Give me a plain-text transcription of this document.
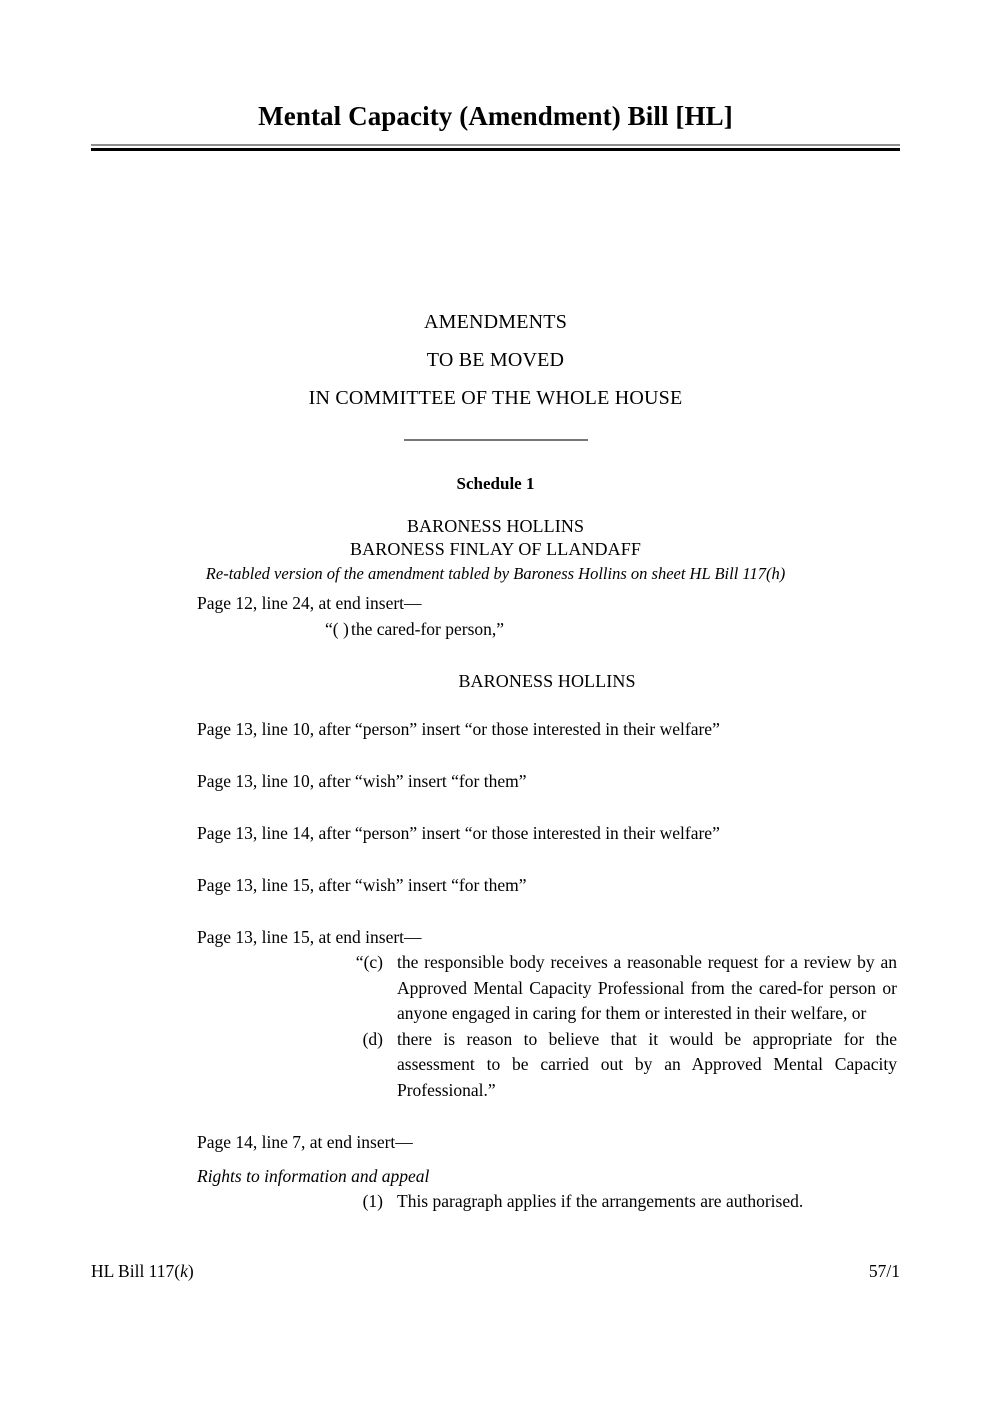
Mental Capacity (Amendment) Bill [HL]
AMENDMENTS
TO BE MOVED
IN COMMITTEE OF THE WHOLE HOUSE
Schedule 1
BARONESS HOLLINS
BARONESS FINLAY OF LLANDAFF
Re-tabled version of the amendment tabled by Baroness Hollins on sheet HL Bill 117(h)
Page 12, line 24, at end insert—
“( ) the cared-for person,”
BARONESS HOLLINS
Page 13, line 10, after “person” insert “or those interested in their welfare”
Page 13, line 10, after “wish” insert “for them”
Page 13, line 14, after “person” insert “or those interested in their welfare”
Page 13, line 15, after “wish” insert “for them”
Page 13, line 15, at end insert—
“(c) the responsible body receives a reasonable request for a review by an Approved Mental Capacity Professional from the cared-for person or anyone engaged in caring for them or interested in their welfare, or
(d) there is reason to believe that it would be appropriate for the assessment to be carried out by an Approved Mental Capacity Professional.”
Page 14, line 7, at end insert—
Rights to information and appeal
(1) This paragraph applies if the arrangements are authorised.
HL Bill 117(k)	57/1
